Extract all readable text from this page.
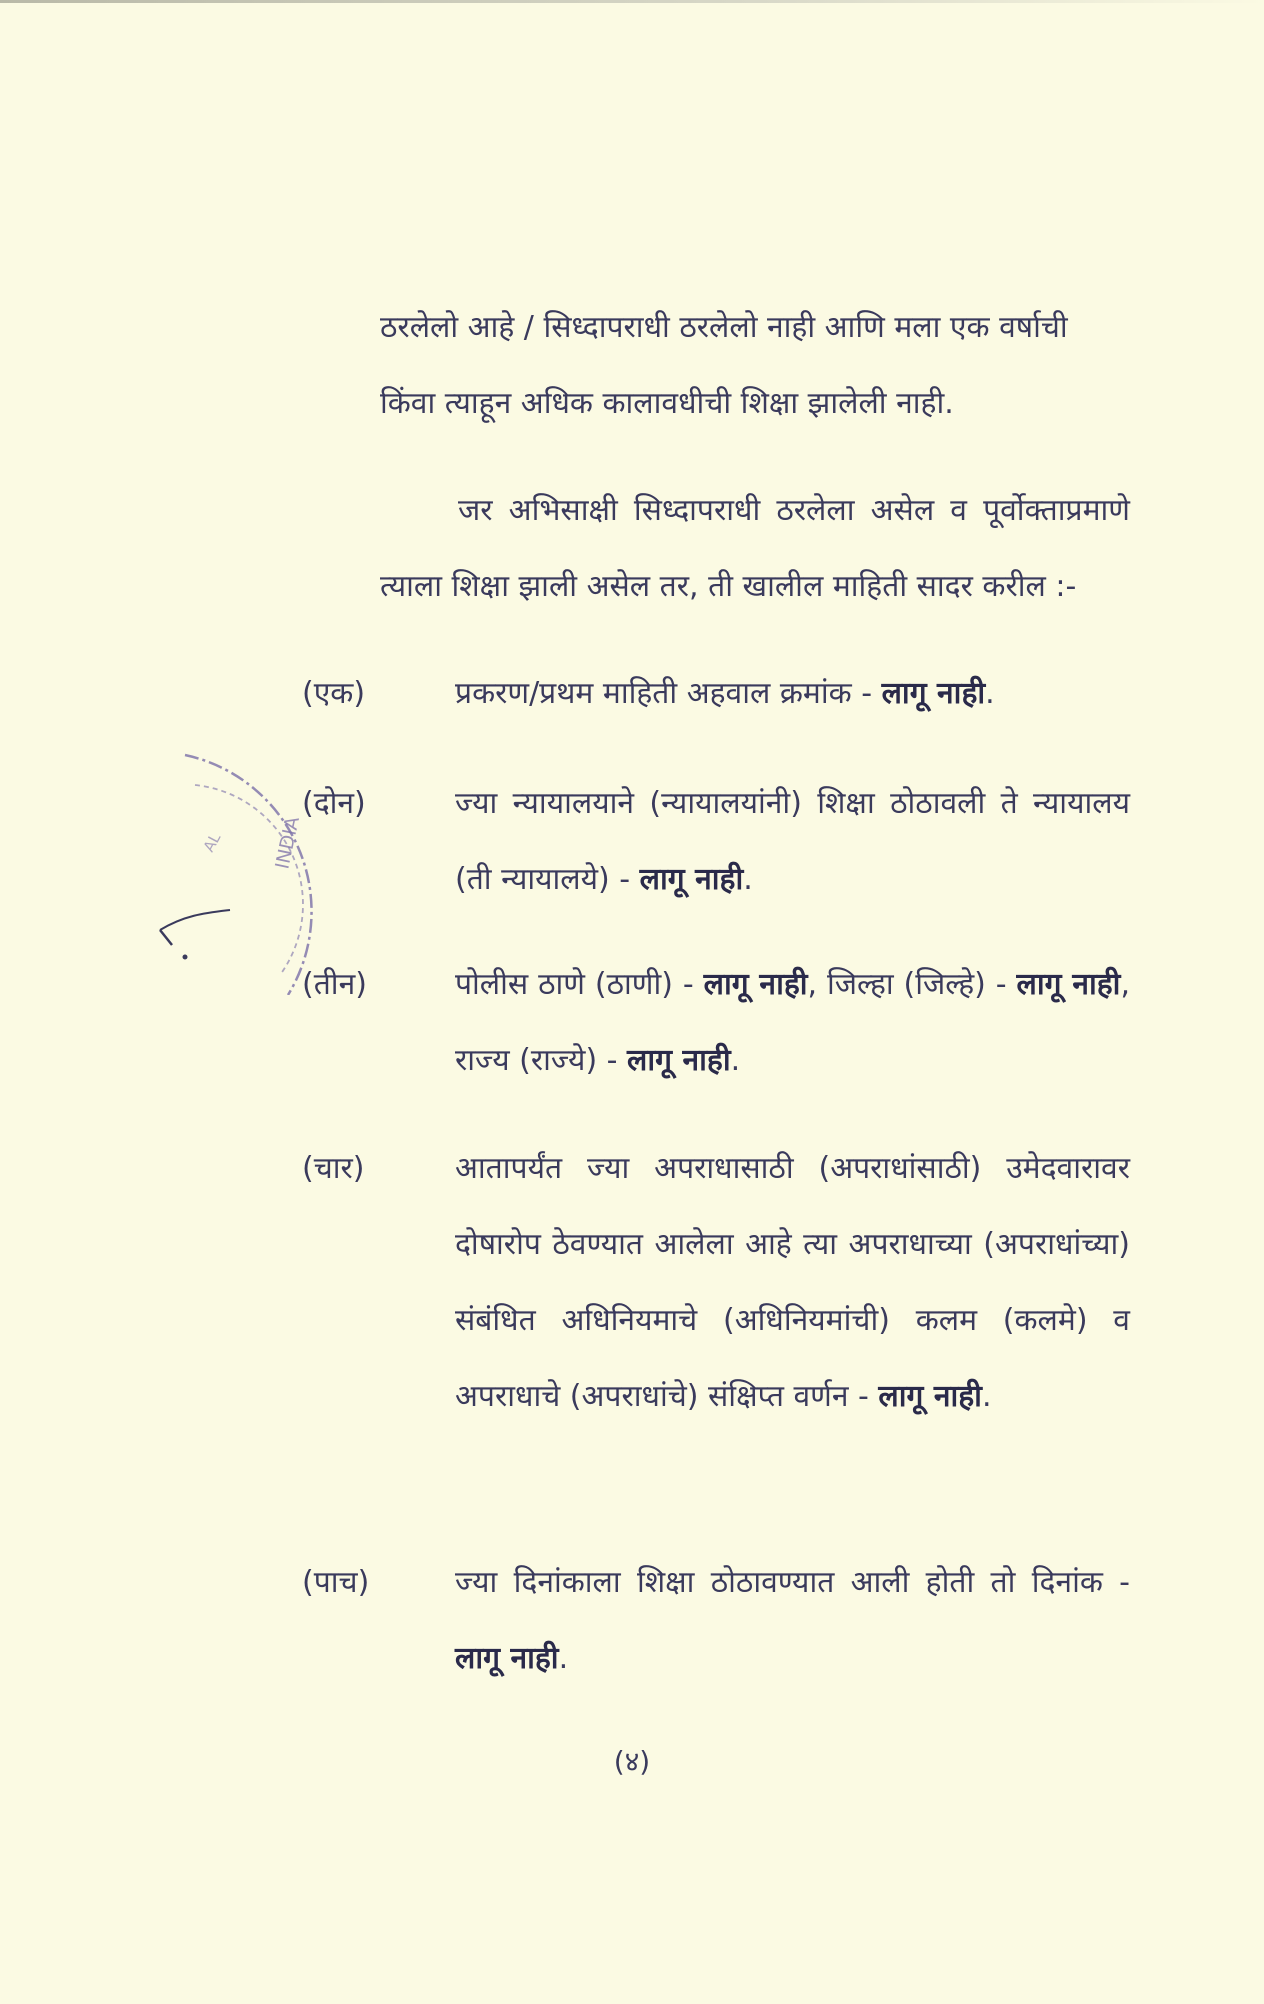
ठरलेलो आहे / सिध्दापराधी ठरलेलो नाही आणि मला एक वर्षाची
किंवा त्याहून अधिक कालावधीची शिक्षा झालेली नाही.
जर अभिसाक्षी सिध्दापराधी ठरलेला असेल व पूर्वोक्ताप्रमाणे त्याला शिक्षा झाली असेल तर, ती खालील माहिती सादर करील :-
(एक)	प्रकरण/प्रथम माहिती अहवाल क्रमांक - लागू नाही.
(दोन)	ज्या न्यायालयाने (न्यायालयांनी) शिक्षा ठोठावली ते न्यायालय (ती न्यायालये) - लागू नाही.
(तीन)	पोलीस ठाणे (ठाणी) - लागू नाही, जिल्हा (जिल्हे) - लागू नाही, राज्य (राज्ये) - लागू नाही.
(चार)	आतापर्यंत ज्या अपराधासाठी (अपराधांसाठी) उमेदवारावर दोषारोप ठेवण्यात आलेला आहे त्या अपराधाच्या (अपराधांच्या) संबंधित अधिनियमाचे (अधिनियमांची) कलम (कलमे) व अपराधाचे (अपराधांचे) संक्षिप्त वर्णन - लागू नाही.
(पाच)	ज्या दिनांकाला शिक्षा ठोठावण्यात आली होती तो दिनांक - लागू नाही.
(४)
INDIA
AL
